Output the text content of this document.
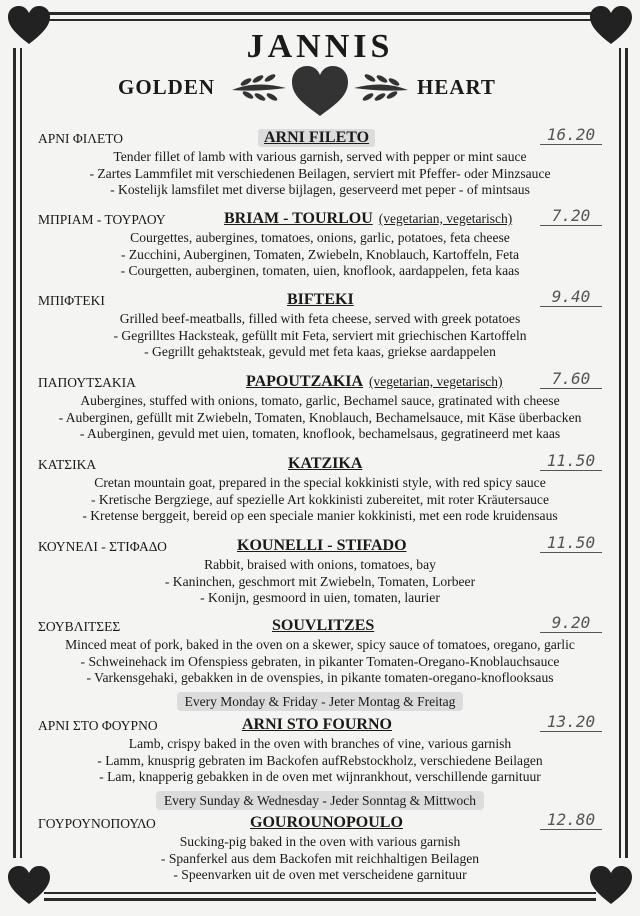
JANNIS
GOLDEN	HEART
ΑΡΝΙ ΦΙΛΕΤΟ	ARNI FILETO	16.20
Tender fillet of lamb with various garnish, served with pepper or mint sauce
- Zartes Lammfilet mit verschiedenen Beilagen, serviert mit Pfeffer- oder Minzsauce
- Kostelijk lamsfilet met diverse bijlagen, geserveerd met peper - of mintsaus
ΜΠΡΙΑΜ - ΤΟΥΡΛΟΥ	BRIAM - TOURLOU (vegetarian, vegetarisch)	7.20
Courgettes, aubergines, tomatoes, onions, garlic, potatoes, feta cheese
- Zucchini, Auberginen, Tomaten, Zwiebeln, Knoblauch, Kartoffeln, Feta
- Courgetten, auberginen, tomaten, uien, knoflook, aardappelen, feta kaas
ΜΠΙΦΤΕΚΙ	BIFTEKI	9.40
Grilled beef-meatballs, filled with feta cheese, served with greek potatoes
- Gegrilltes Hacksteak, gefüllt mit Feta, serviert mit griechischen Kartoffeln
- Gegrillt gehaktsteak, gevuld met feta kaas, griekse aardappelen
ΠΑΠΟΥΤΣΑΚΙΑ	PAPOUTZAKIA (vegetarian, vegetarisch)	7.60
Aubergines, stuffed with onions, tomato, garlic, Bechamel sauce, gratinated with cheese
- Auberginen, gefüllt mit Zwiebeln, Tomaten, Knoblauch, Bechamelsauce, mit Käse überbacken
- Auberginen, gevuld met uien, tomaten, knoflook, bechamelsaus, gegratineerd met kaas
ΚΑΤΣΙΚΑ	KATZIKA	11.50
Cretan mountain goat, prepared in the special kokkinisti style, with red spicy sauce
- Kretische Bergziege, auf spezielle Art kokkinisti zubereitet, mit roter Kräutersauce
- Kretense berggeit, bereid op een speciale manier kokkinisti, met een rode kruidensaus
ΚΟΥΝΕΛΙ - ΣΤΙΦΑΔΟ	KOUNELLI - STIFADO	11.50
Rabbit, braised with onions, tomatoes, bay
- Kaninchen, geschmort mit Zwiebeln, Tomaten, Lorbeer
- Konijn, gesmoord in uien, tomaten, laurier
ΣΟΥΒΛΙΤΣΕΣ	SOUVLITZES	9.20
Minced meat of pork, baked in the oven on a skewer, spicy sauce of tomatoes, oregano, garlic
- Schweinehack im Ofenspiess gebraten, in pikanter Tomaten-Oregano-Knoblauchsauce
- Varkensgehaki, gebakken in de ovenspies, in pikante tomaten-oregano-knoflooksaus
Every Monday & Friday - Jeter Montag & Freitag
ΑΡΝΙ ΣΤΟ ΦΟΥΡΝΟ	ARNI STO FOURNO	13.20
Lamb, crispy baked in the oven with branches of vine, various garnish
- Lamm, knusprig gebraten im Backofen aufRebstockholz, verschiedene Beilagen
- Lam, knapperig gebakken in de oven met wijnrankhout, verschillende garnituur
Every Sunday & Wednesday - Jeder Sonntag & Mittwoch
ΓΟΥΡΟΥΝΟΠΟΥΛΟ	GOUROUNOPOULO	12.80
Sucking-pig baked in the oven with various garnish
- Spanferkel aus dem Backofen mit reichhaltigen Beilagen
- Speenvarken uit de oven met verscheidene garnituur
